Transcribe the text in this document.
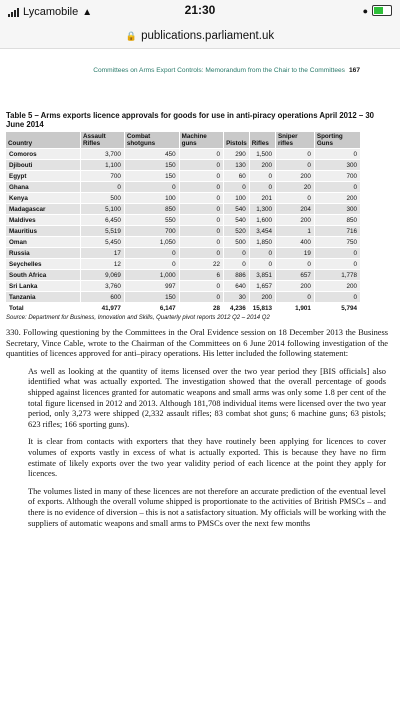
Lycamobile ▲	21:30	●
🔒 publications.parliament.uk
Committees on Arms Export Controls: Memorandum from the Chair to the Committees 167
Table 5 – Arms exports licence approvals for goods for use in anti-piracy operations April 2012 – 30 June 2014
Country	Assault Rifles	Combat shotguns	Machine guns	Pistols	Rifles	Sniper rifles	Sporting Guns
Comoros	3,700	450	0	290	1,500	0	0
Djibouti	1,100	150	0	130	200	0	300
Egypt	700	150	0	60	0	200	700
Ghana	0	0	0	0	0	20	0
Kenya	500	100	0	100	201	0	200
Madagascar	5,100	850	0	540	1,300	204	300
Maldives	6,450	550	0	540	1,600	200	850
Mauritius	5,519	700	0	520	3,454	1	716
Oman	5,450	1,050	0	500	1,850	400	750
Russia	17	0	0	0	0	19	0
Seychelles	12	0	22	0	0	0	0
South Africa	9,069	1,000	6	886	3,851	657	1,778
Sri Lanka	3,760	997	0	640	1,657	200	200
Tanzania	600	150	0	30	200	0	0
Total	41,977	6,147	28	4,236	15,813	1,901	5,794
Source: Department for Business, Innovation and Skills, Quarterly pivot reports 2012 Q2 – 2014 Q2

330. Following questioning by the Committees in the Oral Evidence session on 18 December 2013 the Business Secretary, Vince Cable, wrote to the Chairman of the Committees on 6 June 2014 following investigation of the quantities of licences approved for anti–piracy operations. His letter included the following statement:

As well as looking at the quantity of items licensed over the two year period they [BIS officials] also identified what was actually exported. The investigation showed that the overall percentage of goods shipped against licences granted for automatic weapons and small arms was only some 1.8 per cent of the total figure licensed in 2012 and 2013. Although 181,708 individual items were licensed over the two year period, only 3,273 were shipped (2,332 assault rifles; 83 combat shot guns; 6 machine guns; 63 pistols; 623 rifles; 166 sporting guns).

It is clear from contacts with exporters that they have routinely been applying for licences to cover volumes of exports vastly in excess of what is actually exported. This is because they have no firm estimate of likely exports over the two year validity period of each licence at the point they apply for licences.

The volumes listed in many of these licences are not therefore an accurate prediction of the eventual level of exports. Although the overall volume shipped is proportionate to the activities of British PMSCs – and there is no evidence of diversion – this is not a satisfactory situation. My officials will be working with the suppliers of automatic weapons and small arms to PMSCs over the next few months
